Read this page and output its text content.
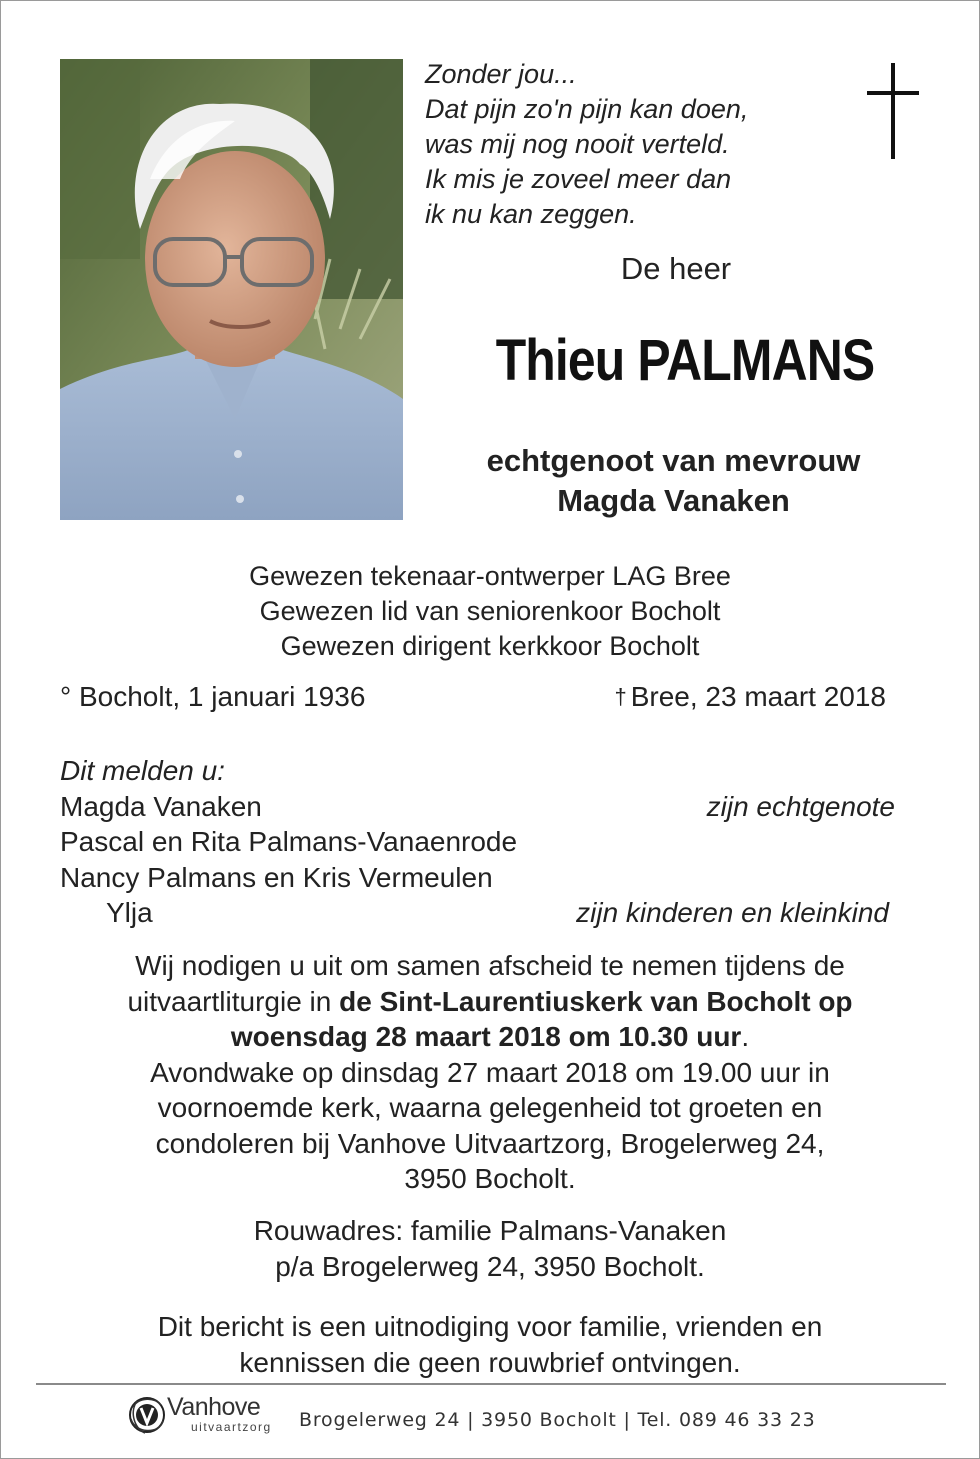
Zonder jou...
Dat pijn zo'n pijn kan doen,
was mij nog nooit verteld.
Ik mis je zoveel meer dan
ik nu kan zeggen.
De heer
Thieu PALMANS
echtgenoot van mevrouw
Magda Vanaken
Gewezen tekenaar-ontwerper LAG Bree
Gewezen lid van seniorenkoor Bocholt
Gewezen dirigent kerkkoor Bocholt
° Bocholt, 1 januari 1936	† Bree, 23 maart 2018
Dit melden u:
Magda Vanaken	zijn echtgenote
Pascal en Rita Palmans-Vanaenrode
Nancy Palmans en Kris Vermeulen
Ylja	zijn kinderen en kleinkind
Wij nodigen u uit om samen afscheid te nemen tijdens de
uitvaartliturgie in de Sint-Laurentiuskerk van Bocholt op
woensdag 28 maart 2018 om 10.30 uur.
Avondwake op dinsdag 27 maart 2018 om 19.00 uur in
voornoemde kerk, waarna gelegenheid tot groeten en
condoleren bij Vanhove Uitvaartzorg, Brogelerweg 24,
3950 Bocholt.
Rouwadres: familie Palmans-Vanaken
p/a Brogelerweg 24, 3950 Bocholt.
Dit bericht is een uitnodiging voor familie, vrienden en
kennissen die geen rouwbrief ontvingen.
Vanhove
uitvaartzorg Brogelerweg 24 | 3950 Bocholt | Tel. 089 46 33 23
